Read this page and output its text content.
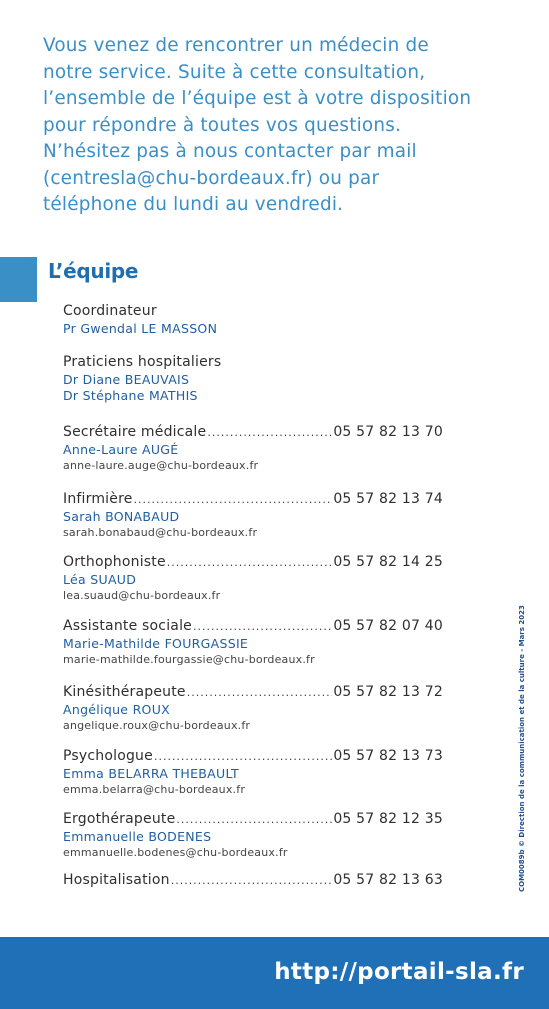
Vous venez de rencontrer un médecin de

notre service. Suite à cette consultation,

l’ensemble de l’équipe est à votre disposition

pour répondre à toutes vos questions.

N’hésitez pas à nous contacter par mail

(centresla@chu-bordeaux.fr) ou par

téléphone du lundi au vendredi.

L’équipe
Coordinateur
Pr Gwendal LE MASSON
Praticiens hospitaliers
Dr Diane BEAUVAIS
Dr Stéphane MATHIS
Secrétaire médicale .....	05 57 82 13 70
Anne-Laure AUGÉ
anne-laure.auge@chu-bordeaux.fr
Infirmière .....	05 57 82 13 74
Sarah BONABAUD
sarah.bonabaud@chu-bordeaux.fr
Orthophoniste .....	05 57 82 14 25
Léa SUAUD
lea.suaud@chu-bordeaux.fr
Assistante sociale .....	05 57 82 07 40
Marie-Mathilde FOURGASSIE
marie-mathilde.fourgassie@chu-bordeaux.fr
Kinésithérapeute .....	05 57 82 13 72
Angélique ROUX
angelique.roux@chu-bordeaux.fr
Psychologue .....	05 57 82 13 73
Emma BELARRA THEBAULT
emma.belarra@chu-bordeaux.fr
Ergothérapeute .....	05 57 82 12 35
Emmanuelle BODENES
emmanuelle.bodenes@chu-bordeaux.fr
Hospitalisation .....	05 57 82 13 63	COM0089b © Direction de la communication et de la culture - Mars 2023
http://portail-sla.fr
